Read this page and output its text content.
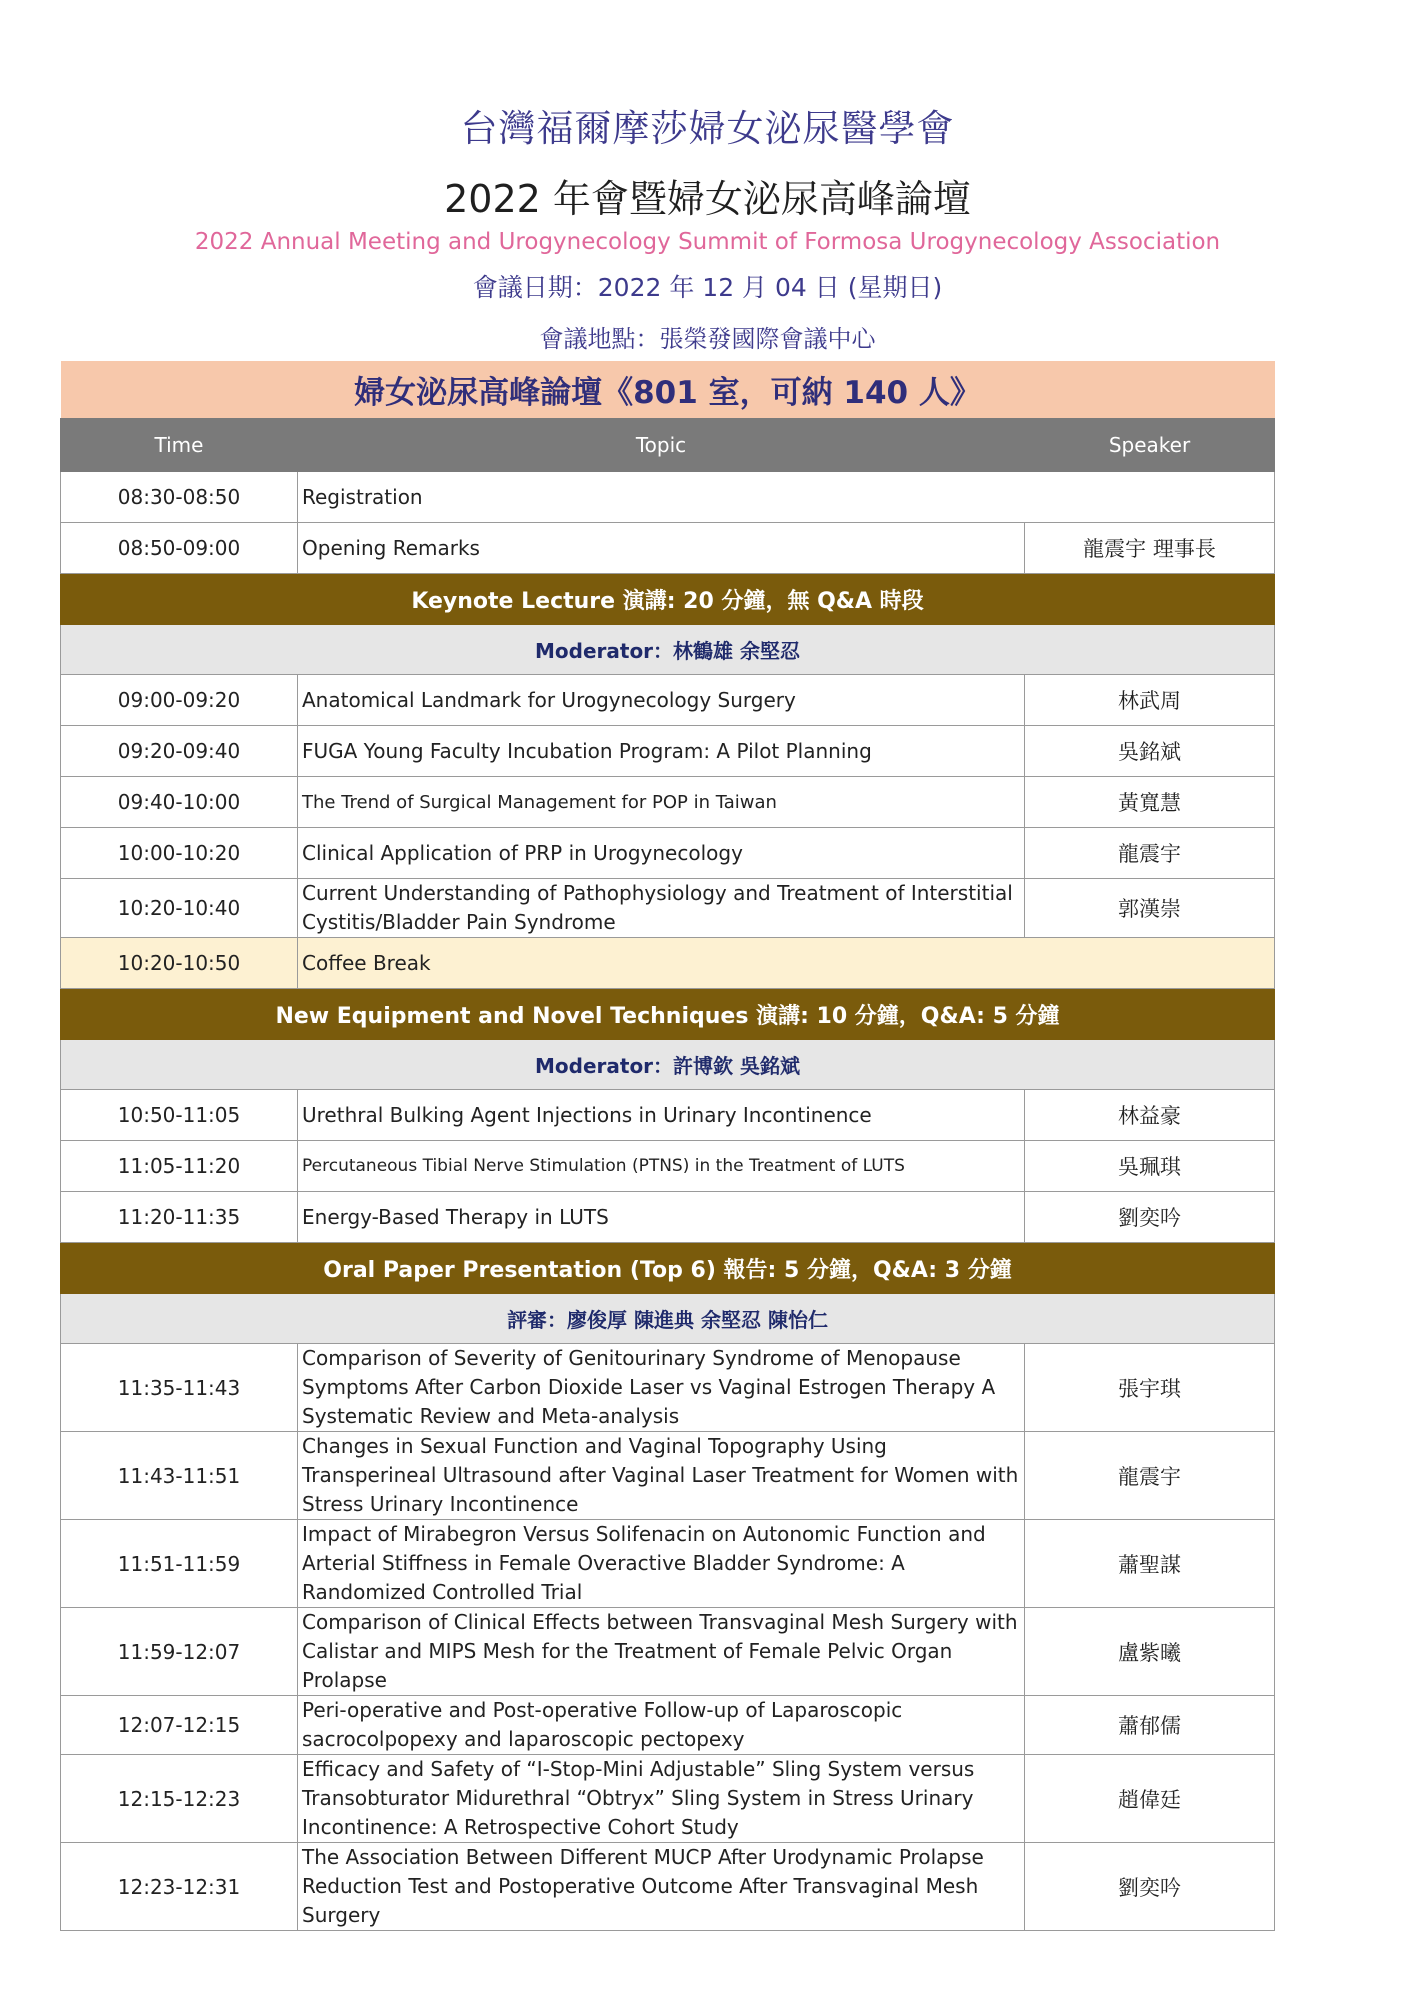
台灣福爾摩莎婦女泌尿醫學會
2022 年會暨婦女泌尿高峰論壇
2022 Annual Meeting and Urogynecology Summit of Formosa Urogynecology Association
會議日期：2022 年 12 月 04 日 (星期日)
會議地點：張榮發國際會議中心
婦女泌尿高峰論壇《801 室，可納 140 人》		
Time	Topic	Speaker
08:30-08:50	Registration	
08:50-09:00	Opening Remarks	龍震宇 理事長
Keynote Lecture 演講: 20 分鐘，無 Q&A 時段		
Moderator：林鶴雄 余堅忍		
09:00-09:20	Anatomical Landmark for Urogynecology Surgery	林武周
09:20-09:40	FUGA Young Faculty Incubation Program: A Pilot Planning	吳銘斌
09:40-10:00	The Trend of Surgical Management for POP in Taiwan	黃寬慧
10:00-10:20	Clinical Application of PRP in Urogynecology	龍震宇
10:20-10:40	Current Understanding of Pathophysiology and Treatment of Interstitial Cystitis/Bladder Pain Syndrome	郭漢崇
10:20-10:50	Coffee Break	
New Equipment and Novel Techniques 演講: 10 分鐘，Q&A: 5 分鐘		
Moderator：許博欽 吳銘斌		
10:50-11:05	Urethral Bulking Agent Injections in Urinary Incontinence	林益豪
11:05-11:20	Percutaneous Tibial Nerve Stimulation (PTNS) in the Treatment of LUTS	吳珮琪
11:20-11:35	Energy-Based Therapy in LUTS	劉奕吟
Oral Paper Presentation (Top 6) 報告: 5 分鐘，Q&A: 3 分鐘		
評審：廖俊厚 陳進典 余堅忍 陳怡仁		
11:35-11:43	Comparison of Severity of Genitourinary Syndrome of Menopause Symptoms After Carbon Dioxide Laser vs Vaginal Estrogen Therapy A Systematic Review and Meta-analysis	張宇琪
11:43-11:51	Changes in Sexual Function and Vaginal Topography Using Transperineal Ultrasound after Vaginal Laser Treatment for Women with Stress Urinary Incontinence	龍震宇
11:51-11:59	Impact of Mirabegron Versus Solifenacin on Autonomic Function and Arterial Stiffness in Female Overactive Bladder Syndrome: A Randomized Controlled Trial	蕭聖謀
11:59-12:07	Comparison of Clinical Effects between Transvaginal Mesh Surgery with Calistar and MIPS Mesh for the Treatment of Female Pelvic Organ Prolapse	盧紫曦
12:07-12:15	Peri-operative and Post-operative Follow-up of Laparoscopic sacrocolpopexy and laparoscopic pectopexy	蕭郁儒
12:15-12:23	Efficacy and Safety of “I-Stop-Mini Adjustable” Sling System versus Transobturator Midurethral “Obtryx” Sling System in Stress Urinary Incontinence: A Retrospective Cohort Study	趙偉廷
12:23-12:31	The Association Between Different MUCP After Urodynamic Prolapse Reduction Test and Postoperative Outcome After Transvaginal Mesh Surgery	劉奕吟
